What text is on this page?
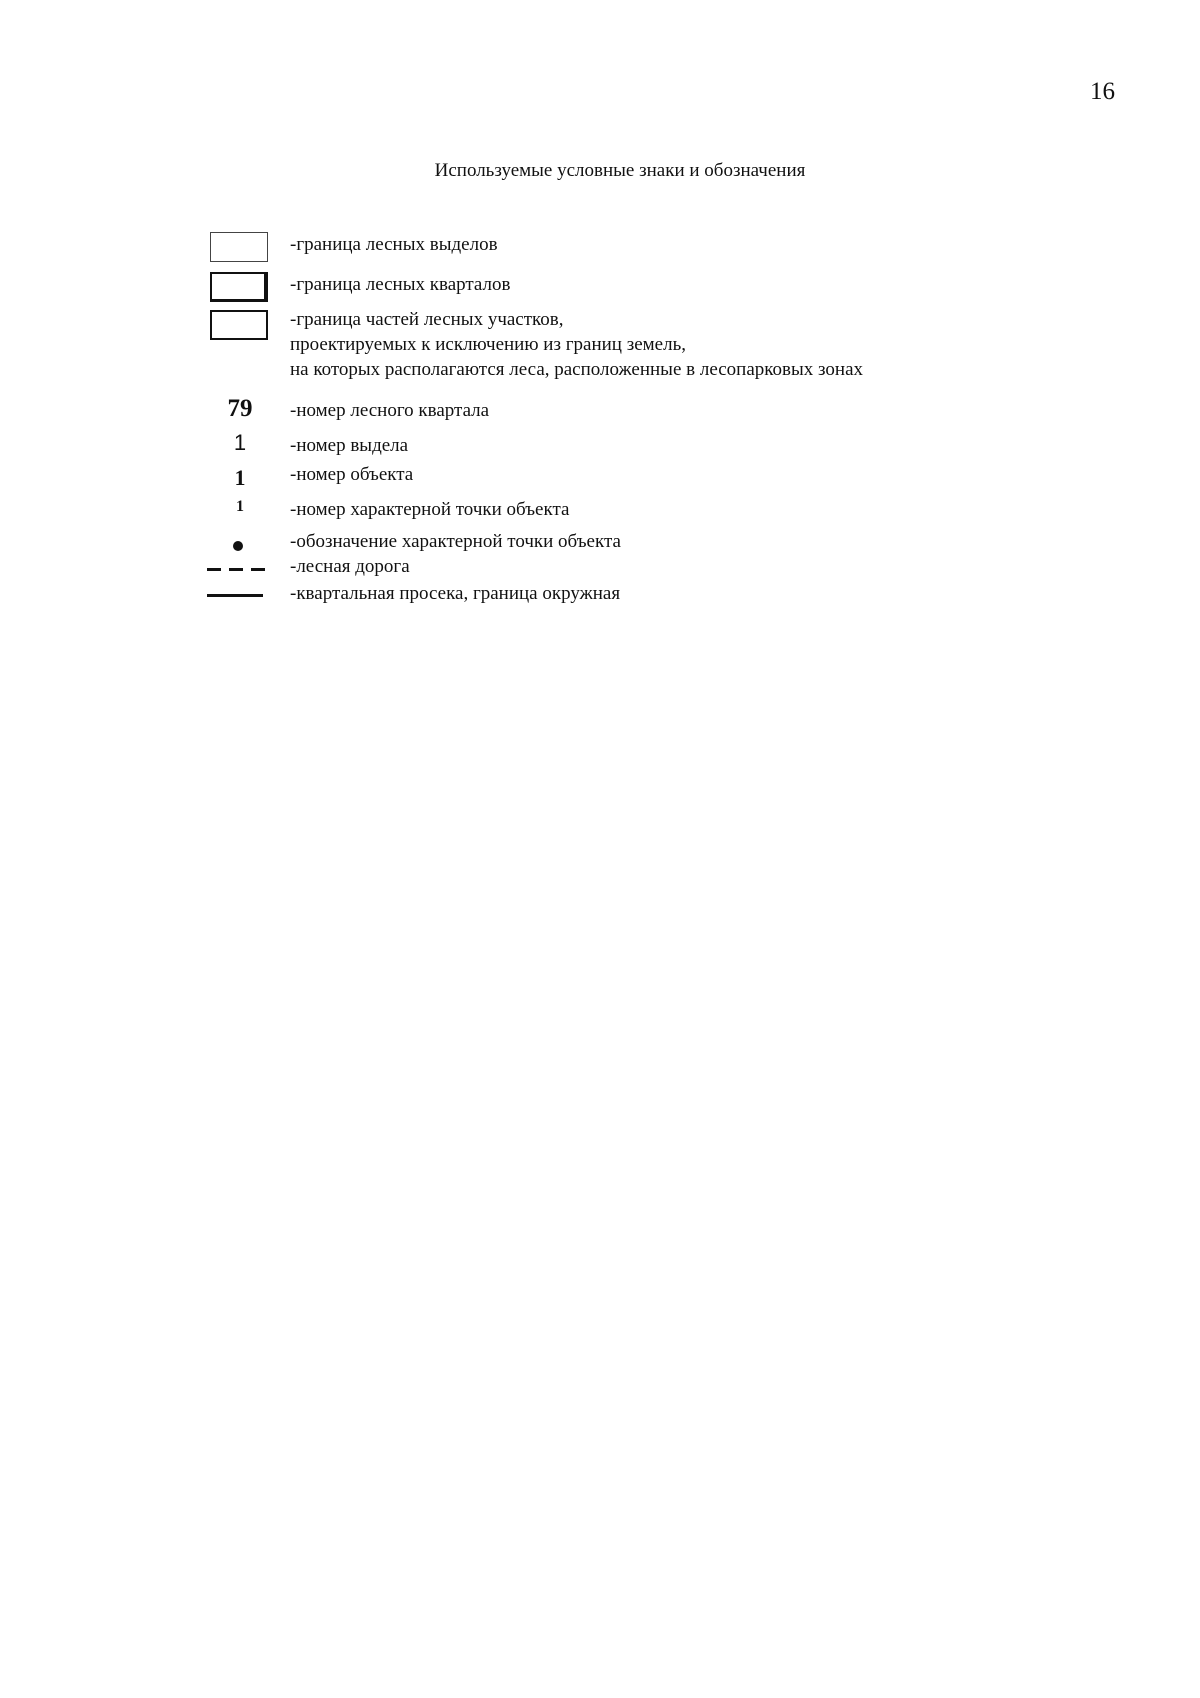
16
Используемые условные знаки и обозначения
-граница лесных выделов
-граница лесных кварталов
-граница частей лесных участков,
проектируемых к исключению из границ земель,
на которых располагаются леса, расположенные в лесопарковых зонах
79	-номер лесного квартала
1	-номер выдела
1	-номер объекта
1	-номер характерной точки объекта
-обозначение характерной точки объекта
-лесная дорога
-квартальная просека, граница окружная
